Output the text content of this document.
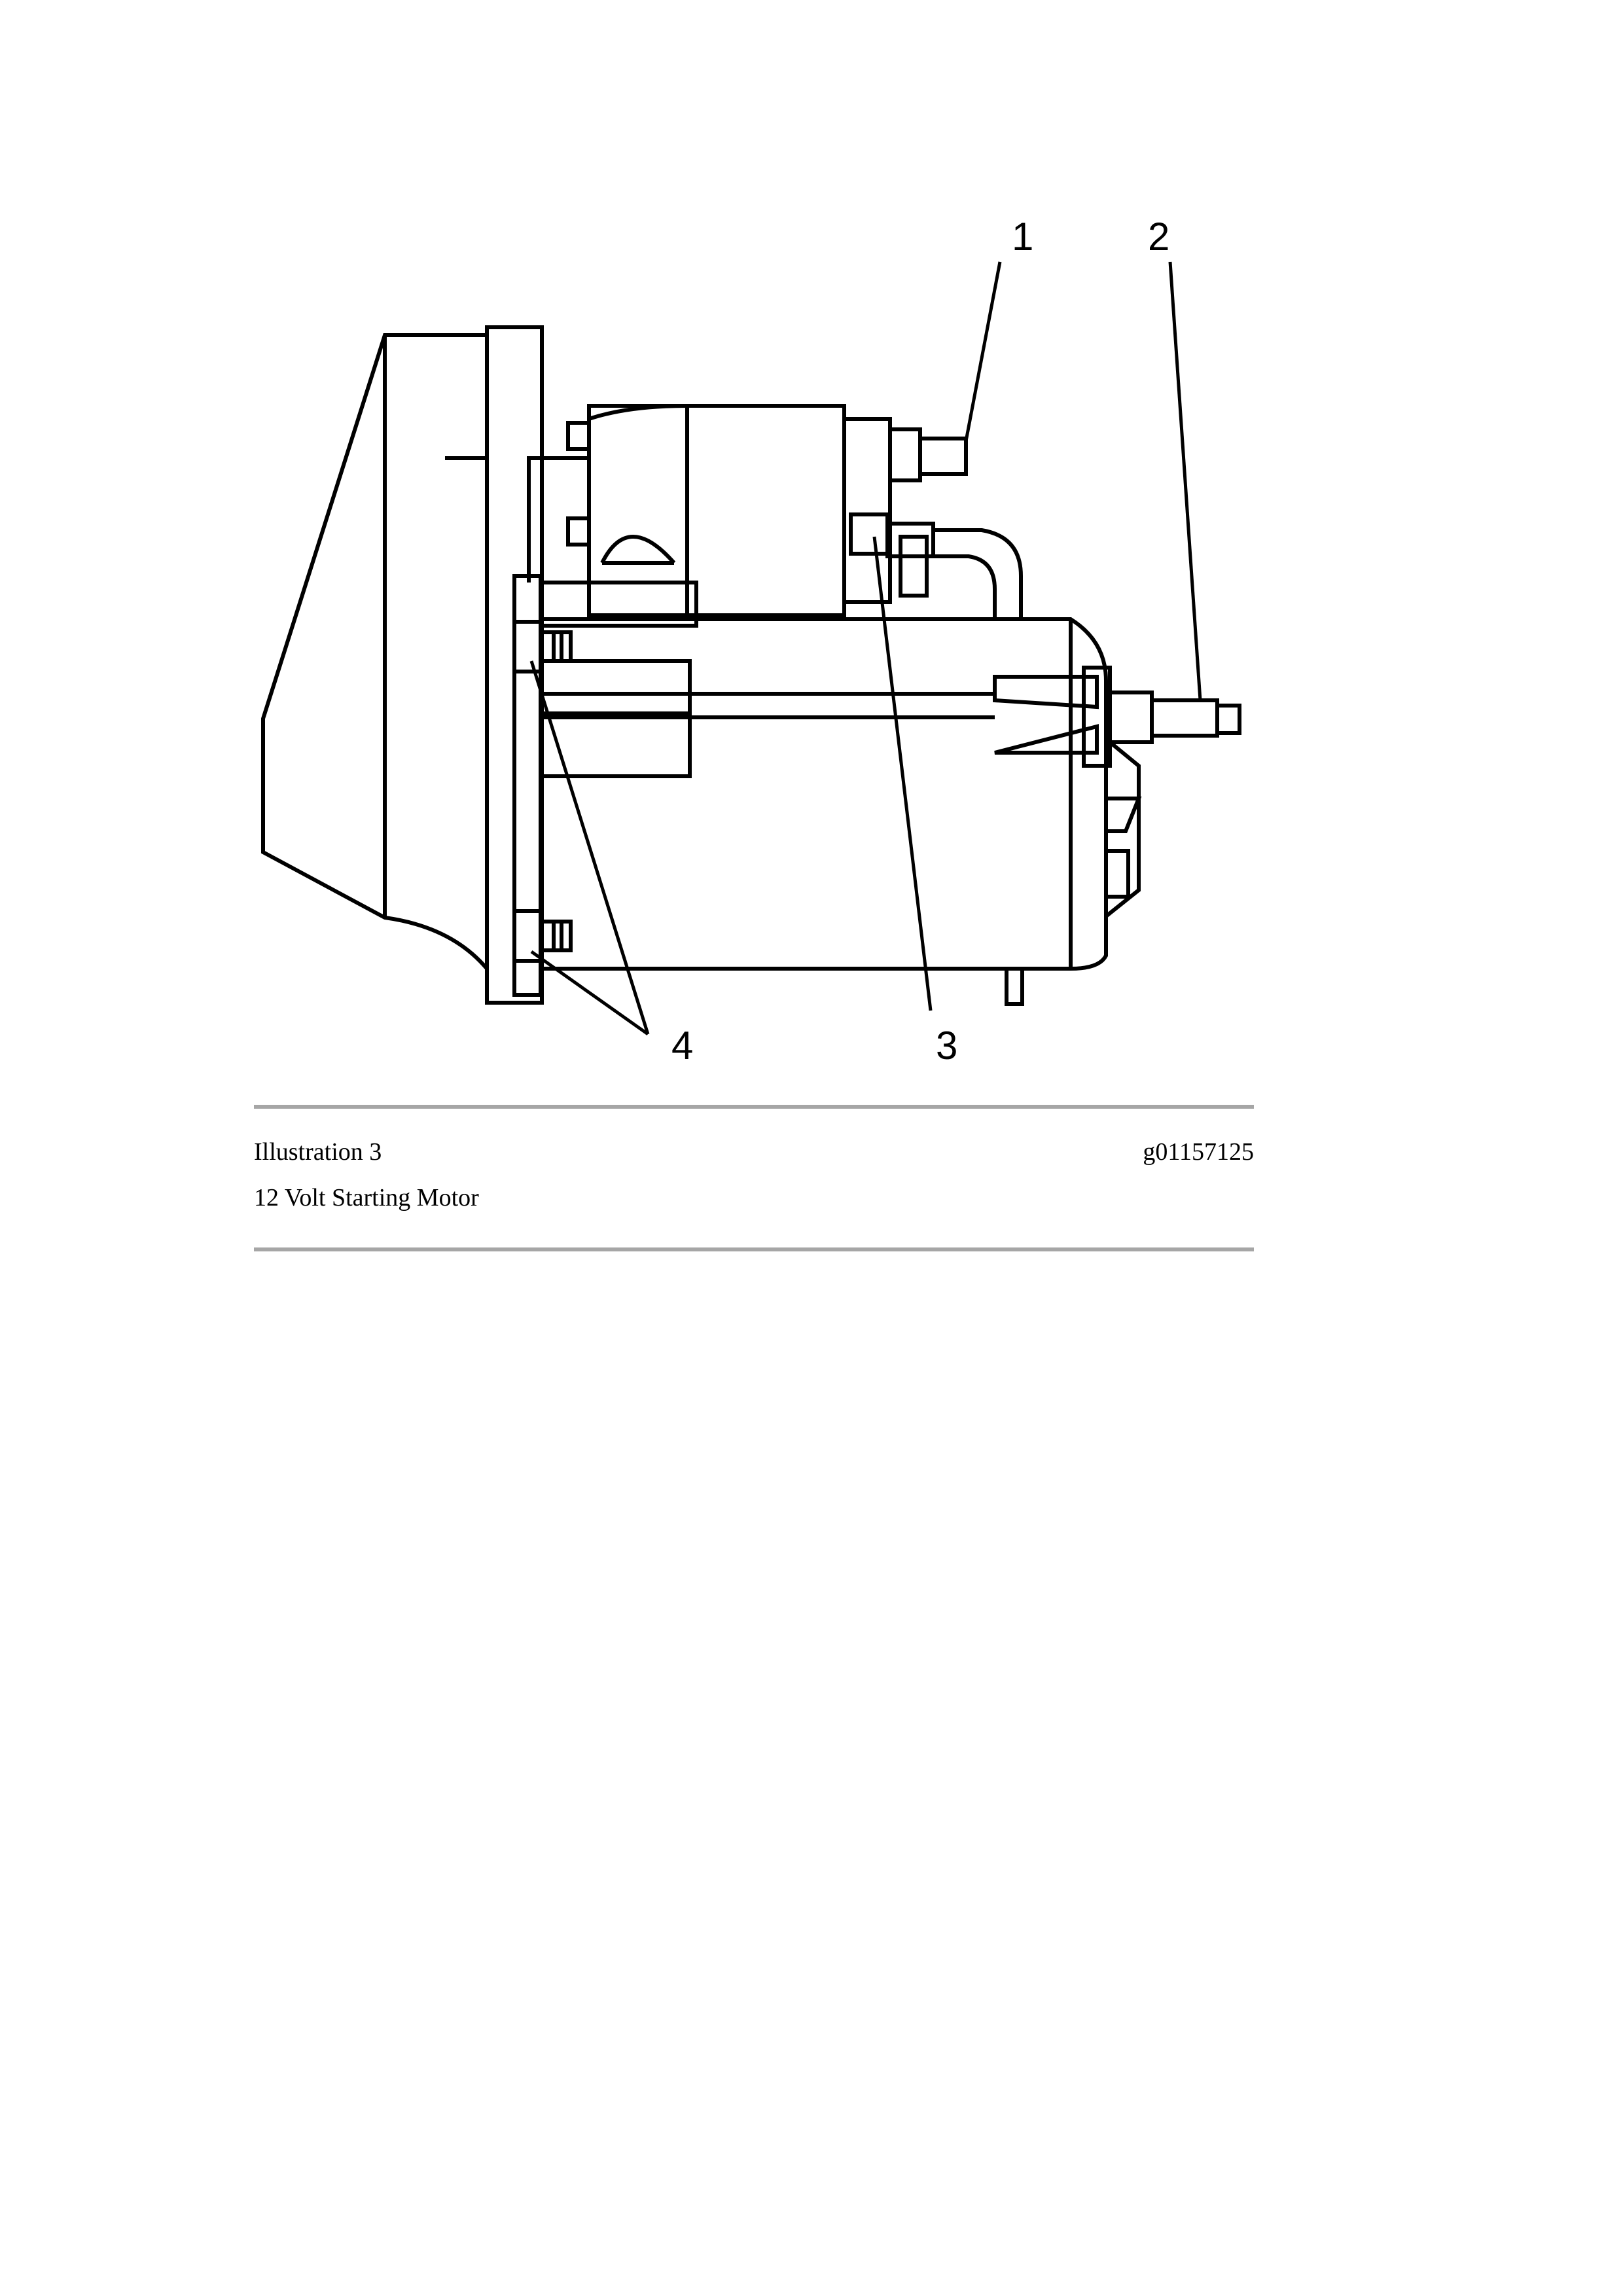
1	2
3
4
Illustration 3	g01157125
12 Volt Starting Motor
